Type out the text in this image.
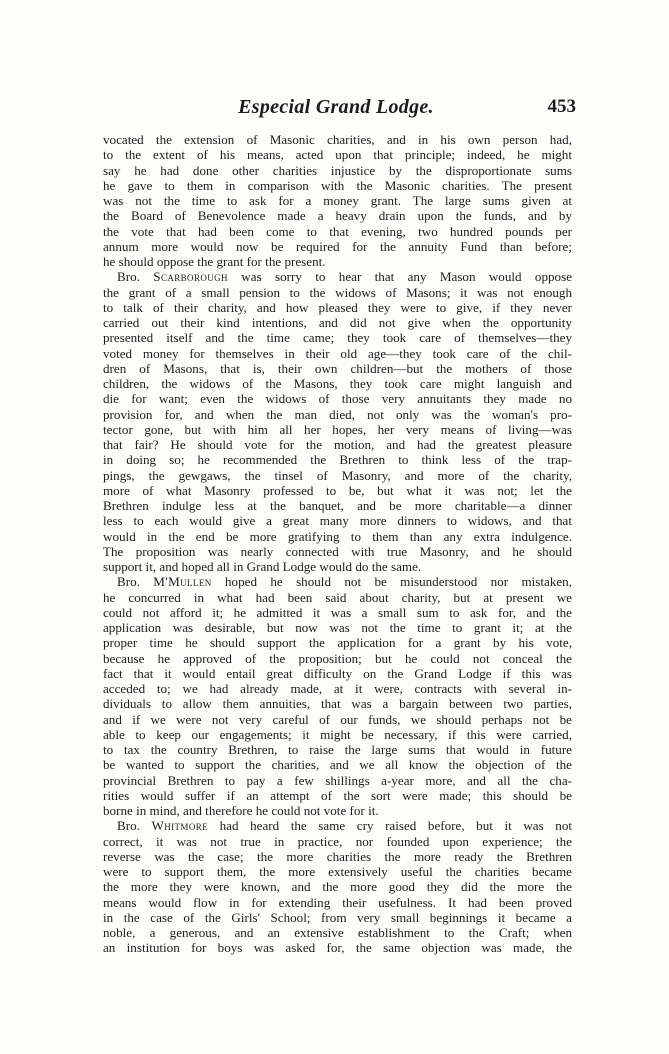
Especial Grand Lodge.	453
vocated the extension of Masonic charities, and in his own person had,
to the extent of his means, acted upon that principle; indeed, he might
say he had done other charities injustice by the disproportionate sums
he gave to them in comparison with the Masonic charities. The present
was not the time to ask for a money grant. The large sums given at
the Board of Benevolence made a heavy drain upon the funds, and by
the vote that had been come to that evening, two hundred pounds per
annum more would now be required for the annuity Fund than before;
he should oppose the grant for the present.
Bro. Scarborough was sorry to hear that any Mason would oppose
the grant of a small pension to the widows of Masons; it was not enough
to talk of their charity, and how pleased they were to give, if they never
carried out their kind intentions, and did not give when the opportunity
presented itself and the time came; they took care of themselves—they
voted money for themselves in their old age—they took care of the chil-
dren of Masons, that is, their own children—but the mothers of those
children, the widows of the Masons, they took care might languish and
die for want; even the widows of those very annuitants they made no
provision for, and when the man died, not only was the woman's pro-
tector gone, but with him all her hopes, her very means of living—was
that fair? He should vote for the motion, and had the greatest pleasure
in doing so; he recommended the Brethren to think less of the trap-
pings, the gewgaws, the tinsel of Masonry, and more of the charity,
more of what Masonry professed to be, but what it was not; let the
Brethren indulge less at the banquet, and be more charitable—a dinner
less to each would give a great many more dinners to widows, and that
would in the end be more gratifying to them than any extra indulgence.
The proposition was nearly connected with true Masonry, and he should
support it, and hoped all in Grand Lodge would do the same.
Bro. M'Mullen hoped he should not be misunderstood nor mistaken,
he concurred in what had been said about charity, but at present we
could not afford it; he admitted it was a small sum to ask for, and the
application was desirable, but now was not the time to grant it; at the
proper time he should support the application for a grant by his vote,
because he approved of the proposition; but he could not conceal the
fact that it would entail great difficulty on the Grand Lodge if this was
acceded to; we had already made, at it were, contracts with several in-
dividuals to allow them annuities, that was a bargain between two parties,
and if we were not very careful of our funds, we should perhaps not be
able to keep our engagements; it might be necessary, if this were carried,
to tax the country Brethren, to raise the large sums that would in future
be wanted to support the charities, and we all know the objection of the
provincial Brethren to pay a few shillings a-year more, and all the cha-
rities would suffer if an attempt of the sort were made; this should be
borne in mind, and therefore he could not vote for it.
Bro. Whitmore had heard the same cry raised before, but it was not
correct, it was not true in practice, nor founded upon experience; the
reverse was the case; the more charities the more ready the Brethren
were to support them, the more extensively useful the charities became
the more they were known, and the more good they did the more the
means would flow in for extending their usefulness. It had been proved
in the case of the Girls' School; from very small beginnings it became a
noble, a generous, and an extensive establishment to the Craft; when
an institution for boys was asked for, the same objection was made, the
